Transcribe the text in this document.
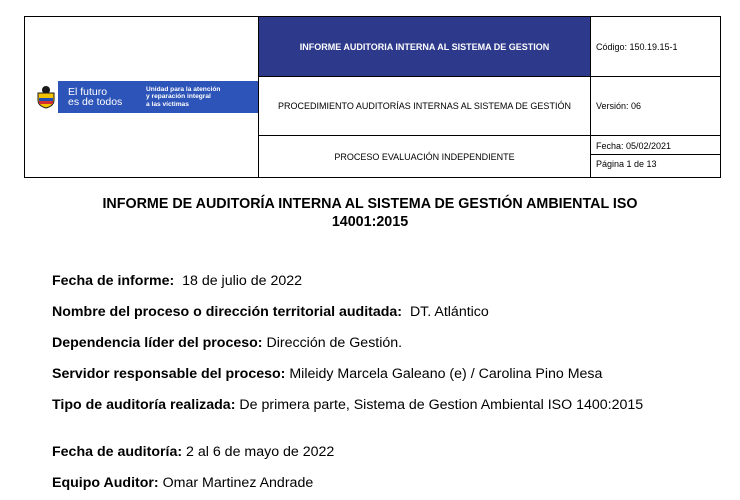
El futuro
es de todos
Unidad para la atención
y reparación integral
a las víctimas	INFORME AUDITORIA INTERNA AL SISTEMA DE GESTION	Código: 150.19.15-1
	PROCEDIMIENTO AUDITORÍAS INTERNAS AL SISTEMA DE GESTIÓN	Versión: 06
	PROCESO EVALUACIÓN INDEPENDIENTE	Fecha: 05/02/2021
Página 1 de 13
INFORME DE AUDITORÍA INTERNA AL SISTEMA DE GESTIÓN AMBIENTAL ISO
14001:2015
Fecha de informe: 18 de julio de 2022
Nombre del proceso o dirección territorial auditada: DT. Atlántico
Dependencia líder del proceso: Dirección de Gestión.
Servidor responsable del proceso: Mileidy Marcela Galeano (e) / Carolina Pino Mesa
Tipo de auditoría realizada: De primera parte, Sistema de Gestion Ambiental ISO 1400:2015
Fecha de auditoría: 2 al 6 de mayo de 2022
Equipo Auditor: Omar Martinez Andrade
